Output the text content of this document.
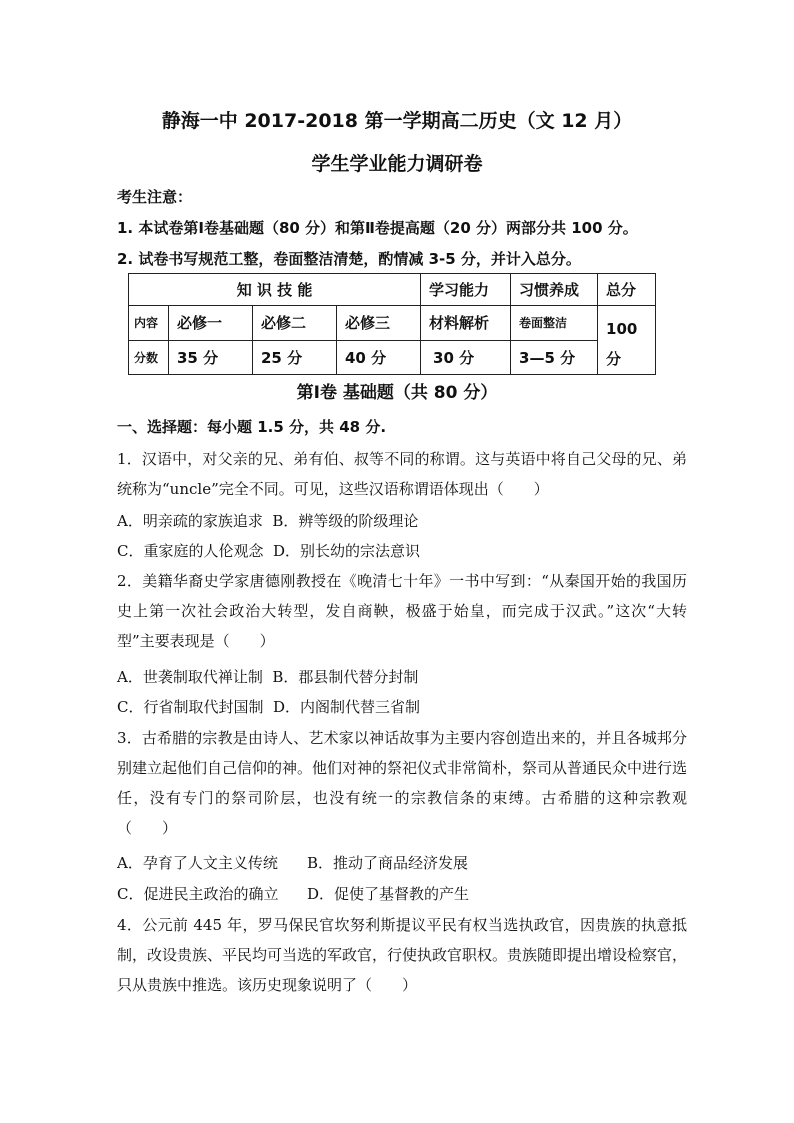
静海一中 2017-2018 第一学期高二历史（文 12 月）
学生学业能力调研卷
考生注意：
1. 本试卷第Ⅰ卷基础题（80 分）和第Ⅱ卷提高题（20 分）两部分共 100 分。
2. 试卷书写规范工整，卷面整洁清楚，酌情减 3-5 分，并计入总分。
知 识 技 能				学习能力	习惯养成	总分
内容	必修一	必修二	必修三	材料解析	卷面整洁	100
分
分数	35 分	25 分	40 分	30 分	3—5 分	
第Ⅰ卷 基础题（共 80 分）
一、选择题：每小题 1.5 分，共 48 分.
1．汉语中，对父亲的兄、弟有伯、叔等不同的称谓。这与英语中将自己父母的兄、弟统称为“uncle”完全不同。可见，这些汉语称谓语体现出（　　）
A．明亲疏的家族追求 B．辨等级的阶级理论
C．重家庭的人伦观念 D．别长幼的宗法意识
2．美籍华裔史学家唐德刚教授在《晚清七十年》一书中写到：“从秦国开始的我国历史上第一次社会政治大转型，发自商鞅，极盛于始皇，而完成于汉武。”这次“大转型”主要表现是（　　）
A．世袭制取代禅让制 B．郡县制代替分封制
C．行省制取代封国制 D．内阁制代替三省制
3．古希腊的宗教是由诗人、艺术家以神话故事为主要内容创造出来的，并且各城邦分别建立起他们自己信仰的神。他们对神的祭祀仪式非常简朴，祭司从普通民众中进行选任，没有专门的祭司阶层，也没有统一的宗教信条的束缚。古希腊的这种宗教观（　　）
A．孕育了人文主义传统 B．推动了商品经济发展
C．促进民主政治的确立 D．促使了基督教的产生
4．公元前 445 年，罗马保民官坎努利斯提议平民有权当选执政官，因贵族的执意抵制，改设贵族、平民均可当选的军政官，行使执政官职权。贵族随即提出增设检察官，只从贵族中推选。该历史现象说明了（　　）
